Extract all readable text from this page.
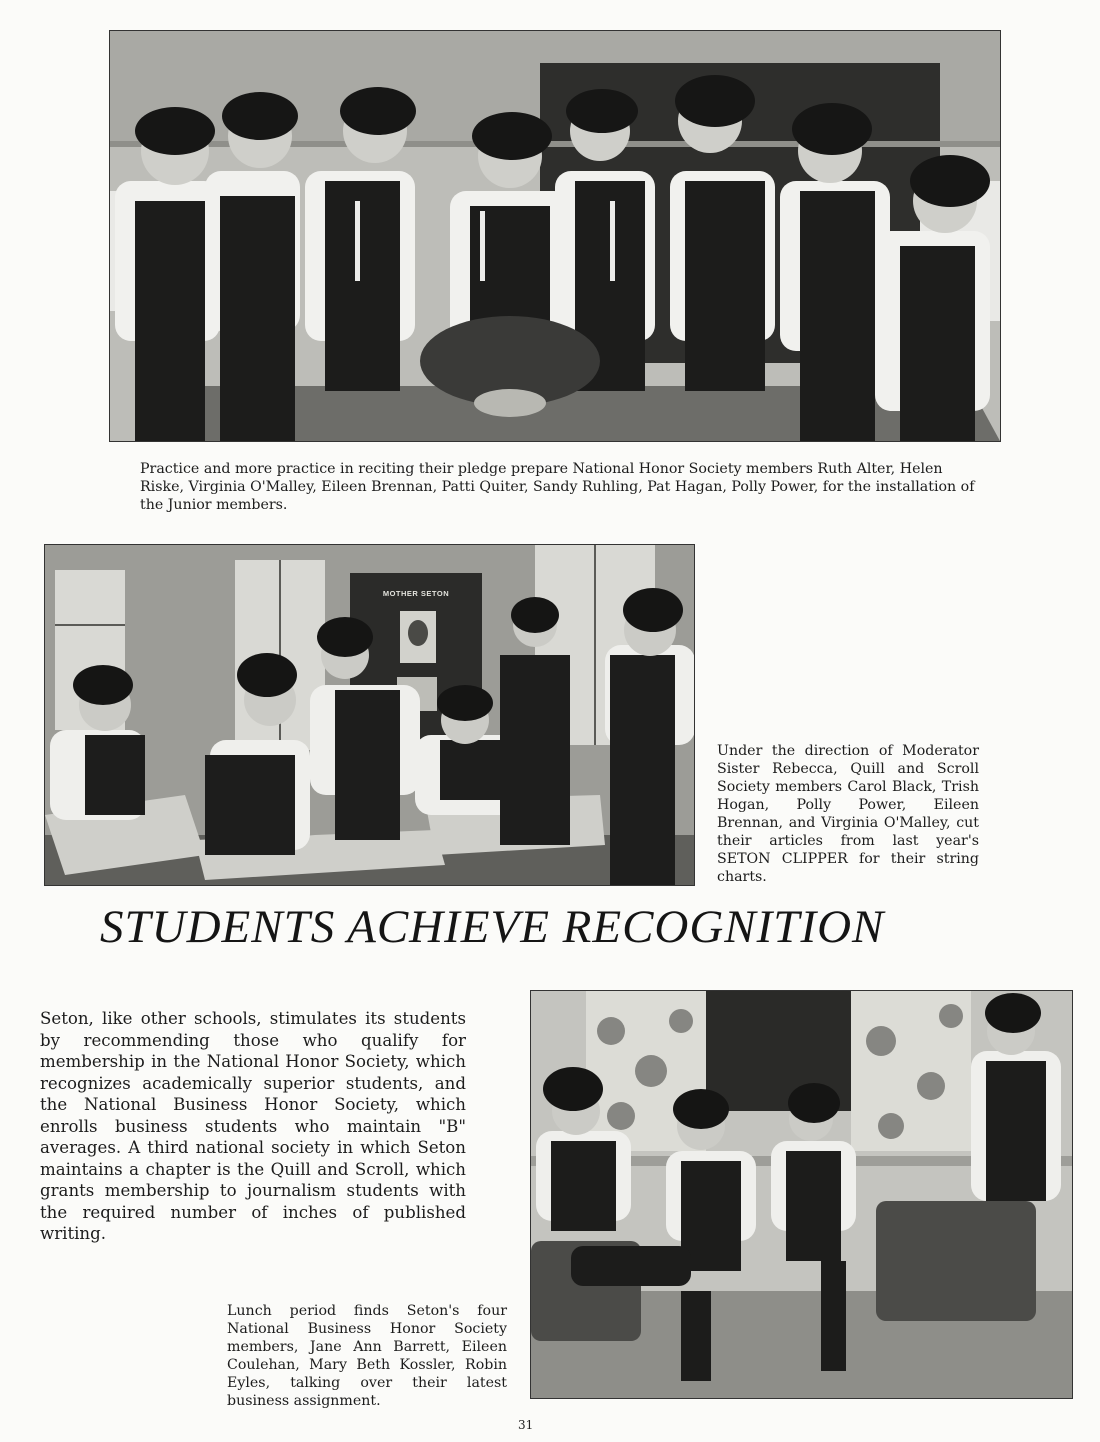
Practice and more practice in reciting their pledge prepare National Honor Society members Ruth Alter, Helen Riske, Virginia O'Malley, Eileen Brennan, Patti Quiter, Sandy Ruhling, Pat Hagan, Polly Power, for the installation of the Junior members.

MOTHER SETON

Under the direction of Moderator Sister Rebecca, Quill and Scroll Society members Carol Black, Trish Hogan, Polly Power, Eileen Brennan, and Virginia O'Malley, cut their articles from last year's SETON CLIPPER for their string charts.

STUDENTS ACHIEVE RECOGNITION

Seton, like other schools, stimulates its students by recommending those who qualify for membership in the National Honor Society, which recognizes academically superior students, and the National Business Honor Society, which enrolls business students who maintain "B" averages. A third national society in which Seton maintains a chapter is the Quill and Scroll, which grants membership to journalism students with the required number of inches of published writing.

Lunch period finds Seton's four National Business Honor Society members, Jane Ann Barrett, Eileen Coulehan, Mary Beth Kossler, Robin Eyles, talking over their latest business assignment.

31
